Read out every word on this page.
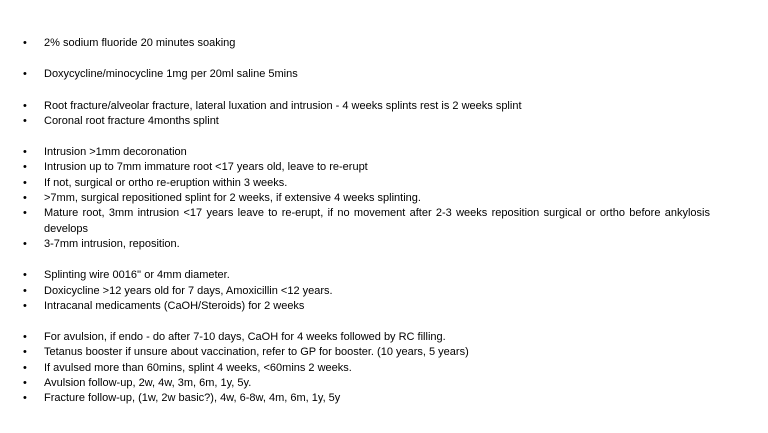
• 2% sodium fluoride 20 minutes soaking
• Doxycycline/minocycline 1mg per 20ml saline 5mins
• Root fracture/alveolar fracture, lateral luxation and intrusion - 4 weeks splints rest is 2 weeks splint
• Coronal root fracture 4months splint
• Intrusion >1mm decoronation
• Intrusion up to 7mm immature root <17 years old, leave to re-erupt
• If not, surgical or ortho re-eruption within 3 weeks.
• >7mm, surgical repositioned splint for 2 weeks, if extensive 4 weeks splinting.
• Mature root, 3mm intrusion <17 years leave to re-erupt, if no movement after 2-3 weeks reposition surgical or ortho before ankylosis develops
• 3-7mm intrusion, reposition.
• Splinting wire 0016'' or 4mm diameter.
• Doxicycline >12 years old for 7 days, Amoxicillin <12 years.
• Intracanal medicaments (CaOH/Steroids) for 2 weeks
• For avulsion, if endo - do after 7-10 days, CaOH for 4 weeks followed by RC filling.
• Tetanus booster if unsure about vaccination, refer to GP for booster. (10 years, 5 years)
• If avulsed more than 60mins, splint 4 weeks, <60mins 2 weeks.
• Avulsion follow-up, 2w, 4w, 3m, 6m, 1y, 5y.
• Fracture follow-up, (1w, 2w basic?), 4w, 6-8w, 4m, 6m, 1y, 5y
